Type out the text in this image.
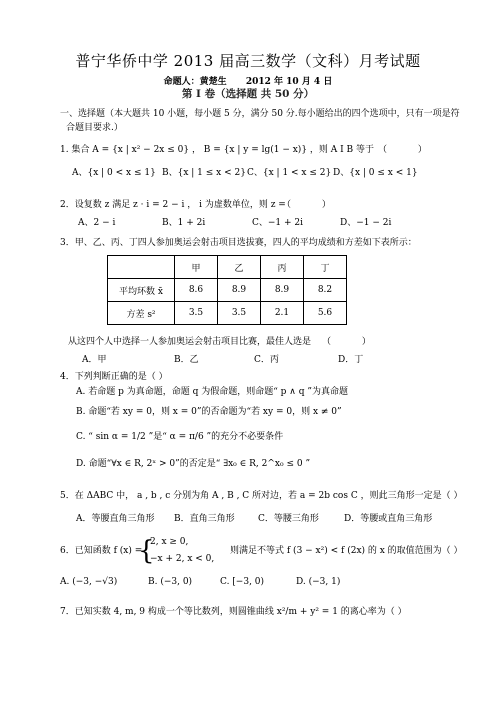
普宁华侨中学 2013 届高三数学（文科）月考试题
命题人：黄楚生 2012 年 10 月 4 日
第 I 卷（选择题 共 50 分）
一、选择题（本大题共 10 小题，每小题 5 分，满分 50 分.每小题给出的四个选项中，只有一项是符
合题目要求.）
1. 集合 A = {x | x² − 2x ≤ 0} ， B = {x | y = lg(1 − x)} ，则 A I B 等于 （ ）
A、{x | 0 < x ≤ 1} B、{x | 1 ≤ x < 2} C、{x | 1 < x ≤ 2} D、{x | 0 ≤ x < 1}
2．设复数 z 满足 z · i = 2 − i ， i 为虚数单位，则 z =
（ ）
A、2 − i	B、1 + 2i	C、−1 + 2i	D、−1 − 2i
3．甲、乙、丙、丁四人参加奥运会射击项目选拔赛，四人的平均成绩和方差如下表所示：
	甲	乙	丙	丁
平均环数 x̄	8.6	8.9	8.9	8.2
方差 s²	3.5	3.5	2.1	5.6
从这四个人中选择一人参加奥运会射击项目比赛，最佳人选是 （ ）
A．甲	B．乙	C．丙	D．丁
4．下列判断正确的是（ ）
A. 若命题 p 为真命题，命题 q 为假命题，则命题“ p ∧ q ”为真命题
B. 命题“若 xy = 0，则 x = 0”的否命题为“若 xy = 0，则 x ≠ 0”
C. “ sin α = 1/2 ”是“ α = π/6 ”的充分不必要条件
D. 命题“∀x ∈ R, 2ˣ > 0”的否定是“ ∃x₀ ∈ R, 2^x₀ ≤ 0 ”
5．在 ΔABC 中， a , b , c 分别为角 A , B , C 所对边，若 a = 2b cos C ，则此三角形一定是（ ）
A．等腰直角三角形 B．直角三角形	C．等腰三角形	D．等腰或直角三角形
6．已知函数 f (x) =
{
2, x ≥ 0,
−x + 2, x < 0,
则满足不等式 f (3 − x²) < f (2x) 的 x 的取值范围为（ ）
A. (−3, −√3)	B. (−3, 0)	C. [−3, 0)	D. (−3, 1)
7．已知实数 4, m, 9 构成一个等比数列，则圆锥曲线 x²/m + y² = 1 的离心率为（ ）
